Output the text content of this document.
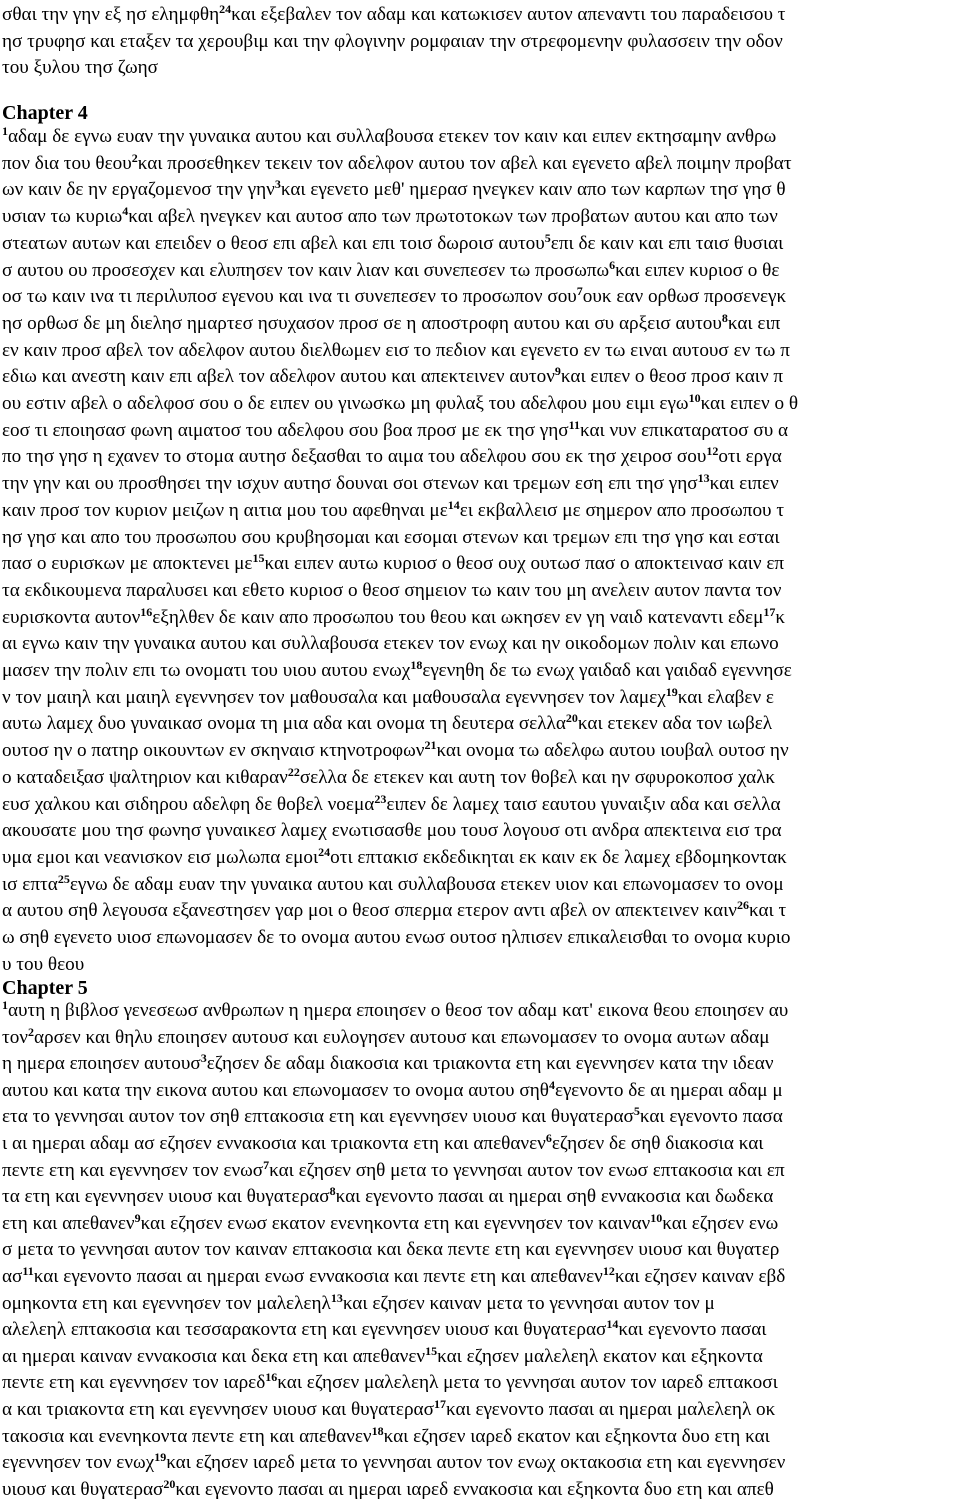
σθαι την γην εξ ησ ελημφθη$^{24}$και εξεβαλεν τον αδαμ και κατωκισεν αυτον απεναντι του παραδεισου τ
ησ τρυφησ και εταξεν τα χερουβιμ και την φλογινην ρομφαιαν την στρεφομενην φυλασσειν την οδον
του ξυλου τησ ζωησ
Chapter 4
$^1$αδαμ δε εγνω ευαν την γυναικα αυτου και συλλαβουσα ετεκεν τον καιν και ειπεν εκτησαμην ανθρω
πον δια του θεου$^2$και προσεθηκεν τεκειν τον αδελφον αυτου τον αβελ και εγενετο αβελ ποιμην προβατ
ων καιν δε ην εργαζομενοσ την γην$^3$και εγενετο μεθ' ημερασ ηνεγκεν καιν απο των καρπων τησ γησ θ
υσιαν τω κυριω$^4$και αβελ ηνεγκεν και αυτοσ απο των πρωτοτοκων των προβατων αυτου και απο των
στεατων αυτων και επειδεν ο θεοσ επι αβελ και επι τοισ δωροισ αυτου$^5$επι δε καιν και επι ταισ θυσιαι
σ αυτου ου προσεσχεν και ελυπησεν τον καιν λιαν και συνεπεσεν τω προσωπω$^6$και ειπεν κυριοσ ο θε
οσ τω καιν ινα τι περιλυποσ εγενου και ινα τι συνεπεσεν το προσωπον σου$^7$ουκ εαν ορθωσ προσενεγκ
ησ ορθωσ δε μη διελησ ημαρτεσ ησυχασον προσ σε η αποστροφη αυτου και συ αρξεισ αυτου$^8$και ειπ
εν καιν προσ αβελ τον αδελφον αυτου διελθωμεν εισ το πεδιον και εγενετο εν τω ειναι αυτουσ εν τω π
εδιω και ανεστη καιν επι αβελ τον αδελφον αυτου και απεκτεινεν αυτον$^9$και ειπεν ο θεοσ προσ καιν π
ου εστιν αβελ ο αδελφοσ σου ο δε ειπεν ου γινωσκω μη φυλαξ του αδελφου μου ειμι εγω$^{10}$και ειπεν ο θ
εοσ τι εποιησασ φωνη αιματοσ του αδελφου σου βοα προσ με εκ τησ γησ$^{11}$και νυν επικαταρατοσ συ α
πο τησ γησ η εχανεν το στομα αυτησ δεξασθαι το αιμα του αδελφου σου εκ τησ χειροσ σου$^{12}$οτι εργα
την γην και ου προσθησει την ισχυν αυτησ δουναι σοι στενων και τρεμων εση επι τησ γησ$^{13}$και ειπεν
καιν προσ τον κυριον μειζων η αιτια μου του αφεθηναι $\mu\varepsilon^{14}\varepsilon\iota$ εκβαλλεισ με σημερον απο προσωπου τ
ησ γησ και απο του προσωπου σου κρυβησομαι και εσομαι στενων και τρεμων επι τησ γησ και εσται
πασ ο ευρισκων με αποκτενει $\mu\varepsilon^{15}\kappa\alpha\iota$ ειπεν αυτω κυριοσ ο θεοσ ουχ ουτωσ πασ ο αποκτεινασ καιν επ
τα εκδικουμενα παραλυσει και εθετο κυριοσ ο θεοσ σημειον τω καιν του μη ανελειν αυτον παντα τον
ευρισκοντα αυτον$^{16}$εξηλθεν δε καιν απο προσωπου του θεου και ωκησεν εν γη ναιδ κατεναντι εδεμ$^{17}$κ
αι εγνω καιν την γυναικα αυτου και συλλαβουσα ετεκεν τον ενωχ και ην οικοδομων πολιν και επωνο
μασεν την πολιν επι τω ονοματι του υιου αυτου ενωχ$^{18}$εγενηθη δε τω ενωχ γαιδαδ και γαιδαδ εγεννησε
ν τον μαιηλ και μαιηλ εγεννησεν τον μαθουσαλα και μαθουσαλα εγεννησεν τον λαμεχ$^{19}$και ελαβεν ε
αυτω λαμεχ δυο γυναικασ ονομα τη μια αδα και ονομα τη δευτερα σελλα$^{20}$και ετεκεν αδα τον ιωβελ
ουτοσ ην ο πατηρ οικουντων εν σκηναισ κτηνοτροφων$^{21}$και ονομα τω αδελφω αυτου ιουβαλ ουτοσ ην
ο καταδειξασ ψαλτηριον και κιθαραν$^{22}$σελλα δε ετεκεν και αυτη τον θοβελ και ην σφυροκοποσ χαλκ
ευσ χαλκου και σιδηρου αδελφη δε θοβελ νοεμα$^{23}$ειπεν δε λαμεχ ταισ εαυτου γυναιξιν αδα και σελλα
ακουσατε μου τησ φωνησ γυναικεσ λαμεχ ενωτισασθε μου τουσ λογουσ οτι ανδρα απεκτεινα εισ τρα
υμα εμοι και νεανισκον εισ μωλωπα εμοι$^{24}$οτι επτακισ εκδεδικηται εκ καιν εκ δε λαμεχ εβδομηκοντακ
ισ επτα$^{25}$εγνω δε αδαμ ευαν την γυναικα αυτου και συλλαβουσα ετεκεν υιον και επωνομασεν το ονομ
α αυτου σηθ λεγουσα εξανεστησεν γαρ μοι ο θεοσ σπερμα ετερον αντι αβελ ον απεκτεινεν καιν$^{26}$και τ
ω σηθ εγενετο υιοσ επωνομασεν δε το ονομα αυτου ενωσ ουτοσ ηλπισεν επικαλεισθαι το ονομα κυριο
υ του θεου
Chapter 5
$^1$αυτη η βιβλοσ γενεσεωσ ανθρωπων η ημερα εποιησεν ο θεοσ τον αδαμ κατ' εικονα θεου εποιησεν αυ
τον$^2$αρσεν και θηλυ εποιησεν αυτουσ και ευλογησεν αυτουσ και επωνομασεν το ονομα αυτων αδαμ
η ημερα εποιησεν αυτουσ$^3$εζησεν δε αδαμ διακοσια και τριακοντα ετη και εγεννησεν κατα την ιδεαν
αυτου και κατα την εικονα αυτου και επωνομασεν το ονομα αυτου σηθ$^4$εγενοντο δε αι ημεραι αδαμ μ
ετα το γεννησαι αυτον τον σηθ επτακοσια ετη και εγεννησεν υιουσ και θυγατερασ$^5$και εγενοντο πασα
ι αι ημεραι αδαμ ασ εζησεν εννακοσια και τριακοντα ετη και απεθανεν$^6$εζησεν δε σηθ διακοσια και
πεντε ετη και εγεννησεν τον ενωσ$^7$και εζησεν σηθ μετα το γεννησαι αυτον τον ενωσ επτακοσια και επ
τα ετη και εγεννησεν υιουσ και θυγατερασ$^8$και εγενοντο πασαι αι ημεραι σηθ εννακοσια και δωδεκα
ετη και απεθανεν$^9$και εζησεν ενωσ εκατον ενενηκοντα ετη και εγεννησεν τον καιναν$^{10}$και εζησεν ενω
σ μετα το γεννησαι αυτον τον καιναν επτακοσια και δεκα πεντε ετη και εγεννησεν υιουσ και θυγατερ
$\alpha\sigma^{11}\kappa\alpha\iota$ εγενοντο πασαι αι ημεραι ενωσ εννακοσια και πεντε ετη και απεθανεν$^{12}$και εζησεν καιναν εβδ
ομηκοντα ετη και εγεννησεν τον μαλελεηλ$^{13}$και εζησεν καιναν μετα το γεννησαι αυτον τον μ
αλελεηλ επτακοσια και τεσσαρακοντα ετη και εγεννησεν υιουσ και θυγατερασ$^{14}$και εγενοντο πασαι
αι ημεραι καιναν εννακοσια και δεκα ετη και απεθανεν$^{15}$και εζησεν μαλελεηλ εκατον και εξηκοντα
πεντε ετη και εγεννησεν τον ιαρεδ$^{16}$και εζησεν μαλελεηλ μετα το γεννησαι αυτον τον ιαρεδ επτακοσι
α και τριακοντα ετη και εγεννησεν υιουσ και θυγατερασ$^{17}$και εγενοντο πασαι αι ημεραι μαλελεηλ οκ
τακοσια και ενενηκοντα πεντε ετη και απεθανεν$^{18}$και εζησεν ιαρεδ εκατον και εξηκοντα δυο ετη και
εγεννησεν τον ενωχ$^{19}$και εζησεν ιαρεδ μετα το γεννησαι αυτον τον ενωχ οκτακοσια ετη και εγεννησεν
υιουσ και θυγατερασ$^{20}$και εγενοντο πασαι αι ημεραι ιαρεδ εννακοσια και εξηκοντα δυο ετη και απεθ
